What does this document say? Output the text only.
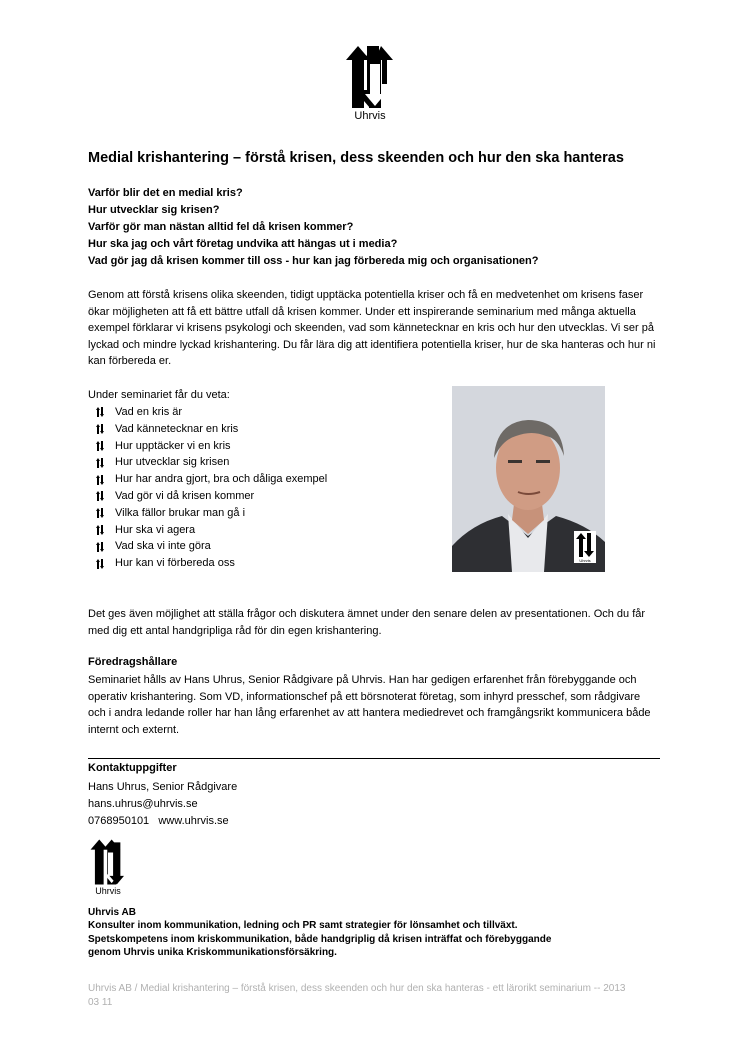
Uhrvis
Medial krishantering – förstå krisen, dess skeenden och hur den ska hanteras
Varför blir det en medial kris?
Hur utvecklar sig krisen?
Varför gör man nästan alltid fel då krisen kommer?
Hur ska jag och vårt företag undvika att hängas ut i media?
Vad gör jag då krisen kommer till oss - hur kan jag förbereda mig och organisationen?
Genom att förstå krisens olika skeenden, tidigt upptäcka potentiella kriser och få en medvetenhet om krisens faser ökar möjligheten att få ett bättre utfall då krisen kommer. Under ett inspirerande seminarium med många aktuella exempel förklarar vi krisens psykologi och skeenden, vad som kännetecknar en kris och hur den utvecklas. Vi ser på lyckad och mindre lyckad krishantering. Du får lära dig att identifiera potentiella kriser, hur de ska hanteras och hur ni kan förbereda er.
Under seminariet får du veta:
Vad en kris är
Vad kännetecknar en kris
Hur upptäcker vi en kris
Hur utvecklar sig krisen
Hur har andra gjort, bra och dåliga exempel
Vad gör vi då krisen kommer
Vilka fällor brukar man gå i
Hur ska vi agera
Vad ska vi inte göra
Hur kan vi förbereda oss	Uhrvis
Det ges även möjlighet att ställa frågor och diskutera ämnet under den senare delen av presentationen. Och du får med dig ett antal handgripliga råd för din egen krishantering.
Föredragshållare
Seminariet hålls av Hans Uhrus, Senior Rådgivare på Uhrvis. Han har gedigen erfarenhet från förebyggande och operativ krishantering. Som VD, informationschef på ett börsnoterat företag, som inhyrd presschef, som rådgivare och i andra ledande roller har han lång erfarenhet av att hantera mediedrevet och framgångsrikt kommunicera både internt och externt.
Kontaktuppgifter
Hans Uhrus, Senior Rådgivare
hans.uhrus@uhrvis.se
0768950101 www.uhrvis.se
Uhrvis
Uhrvis AB
Konsulter inom kommunikation, ledning och PR samt strategier för lönsamhet och tillväxt.
Spetskompetens inom kriskommunikation, både handgriplig då krisen inträffat och förebyggande
genom Uhrvis unika Kriskommunikationsförsäkring.
Uhrvis AB / Medial krishantering – förstå krisen, dess skeenden och hur den ska hanteras - ett lärorikt seminarium -- 2013 03 11
